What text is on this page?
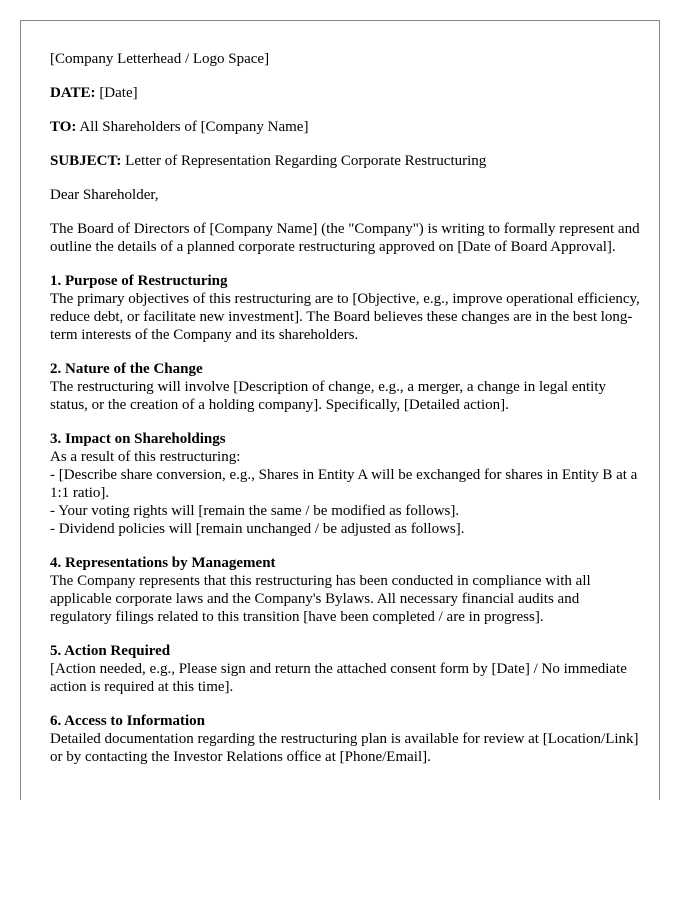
[Company Letterhead / Logo Space]

DATE: [Date]

TO: All Shareholders of [Company Name]

SUBJECT: Letter of Representation Regarding Corporate Restructuring

Dear Shareholder,

The Board of Directors of [Company Name] (the "Company") is writing to formally represent and outline the details of a planned corporate restructuring approved on [Date of Board Approval].

1. Purpose of Restructuring
The primary objectives of this restructuring are to [Objective, e.g., improve operational efficiency, reduce debt, or facilitate new investment]. The Board believes these changes are in the best long-term interests of the Company and its shareholders.
2. Nature of the Change
The restructuring will involve [Description of change, e.g., a merger, a change in legal entity status, or the creation of a holding company]. Specifically, [Detailed action].
3. Impact on Shareholdings
As a result of this restructuring:
- [Describe share conversion, e.g., Shares in Entity A will be exchanged for shares in Entity B at a 1:1 ratio].
- Your voting rights will [remain the same / be modified as follows].
- Dividend policies will [remain unchanged / be adjusted as follows].
4. Representations by Management
The Company represents that this restructuring has been conducted in compliance with all applicable corporate laws and the Company's Bylaws. All necessary financial audits and regulatory filings related to this transition [have been completed / are in progress].
5. Action Required
[Action needed, e.g., Please sign and return the attached consent form by [Date] / No immediate action is required at this time].
6. Access to Information
Detailed documentation regarding the restructuring plan is available for review at [Location/Link] or by contacting the Investor Relations office at [Phone/Email].
